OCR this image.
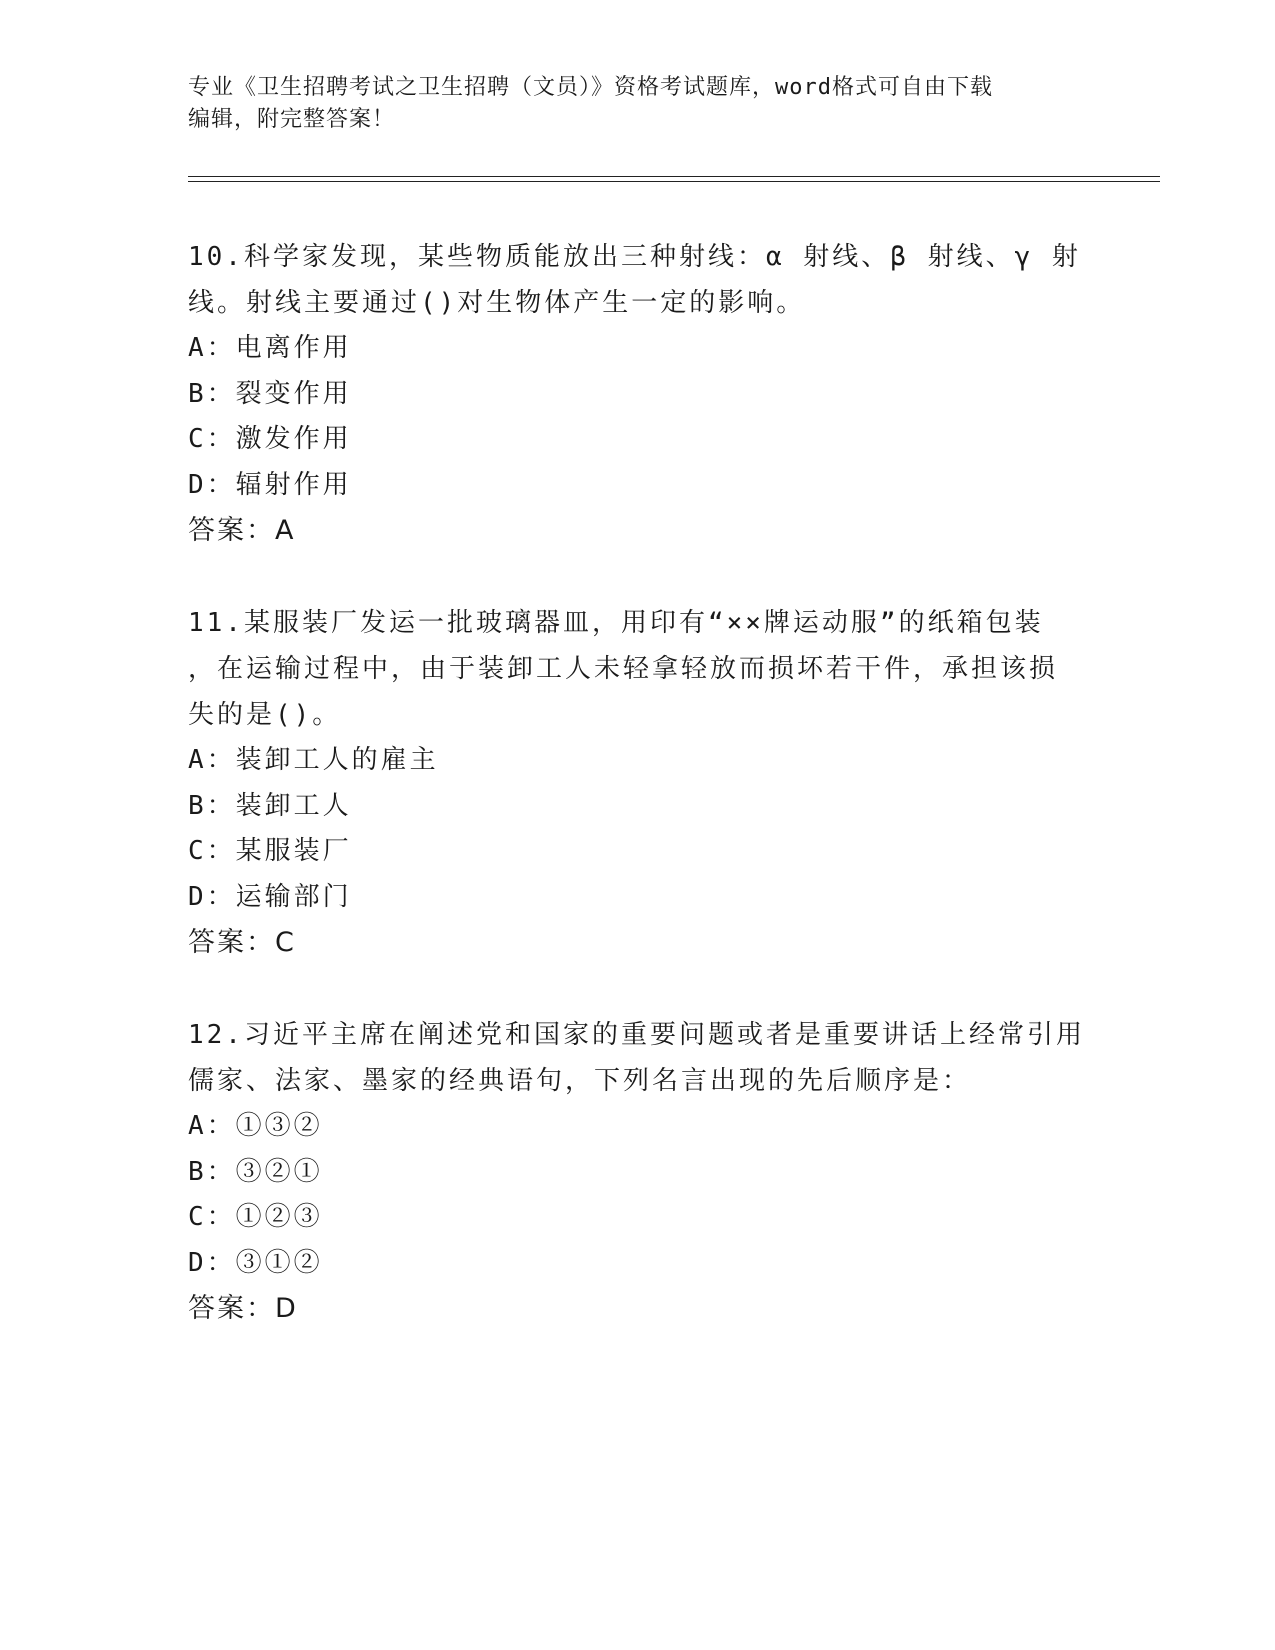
专业《卫生招聘考试之卫生招聘（文员）》资格考试题库，word格式可自由下载
编辑，附完整答案！
10.科学家发现，某些物质能放出三种射线：α 射线、β 射线、γ 射
线。射线主要通过()对生物体产生一定的影响。
A：电离作用
B：裂变作用
C：激发作用
D：辐射作用
答案：A
11.某服装厂发运一批玻璃器皿，用印有“××牌运动服”的纸箱包装
，在运输过程中，由于装卸工人未轻拿轻放而损坏若干件，承担该损
失的是()。
A：装卸工人的雇主
B：装卸工人
C：某服装厂
D：运输部门
答案：C
12.习近平主席在阐述党和国家的重要问题或者是重要讲话上经常引用
儒家、法家、墨家的经典语句，下列名言出现的先后顺序是：
A：①③②
B：③②①
C：①②③
D：③①②
答案：D
